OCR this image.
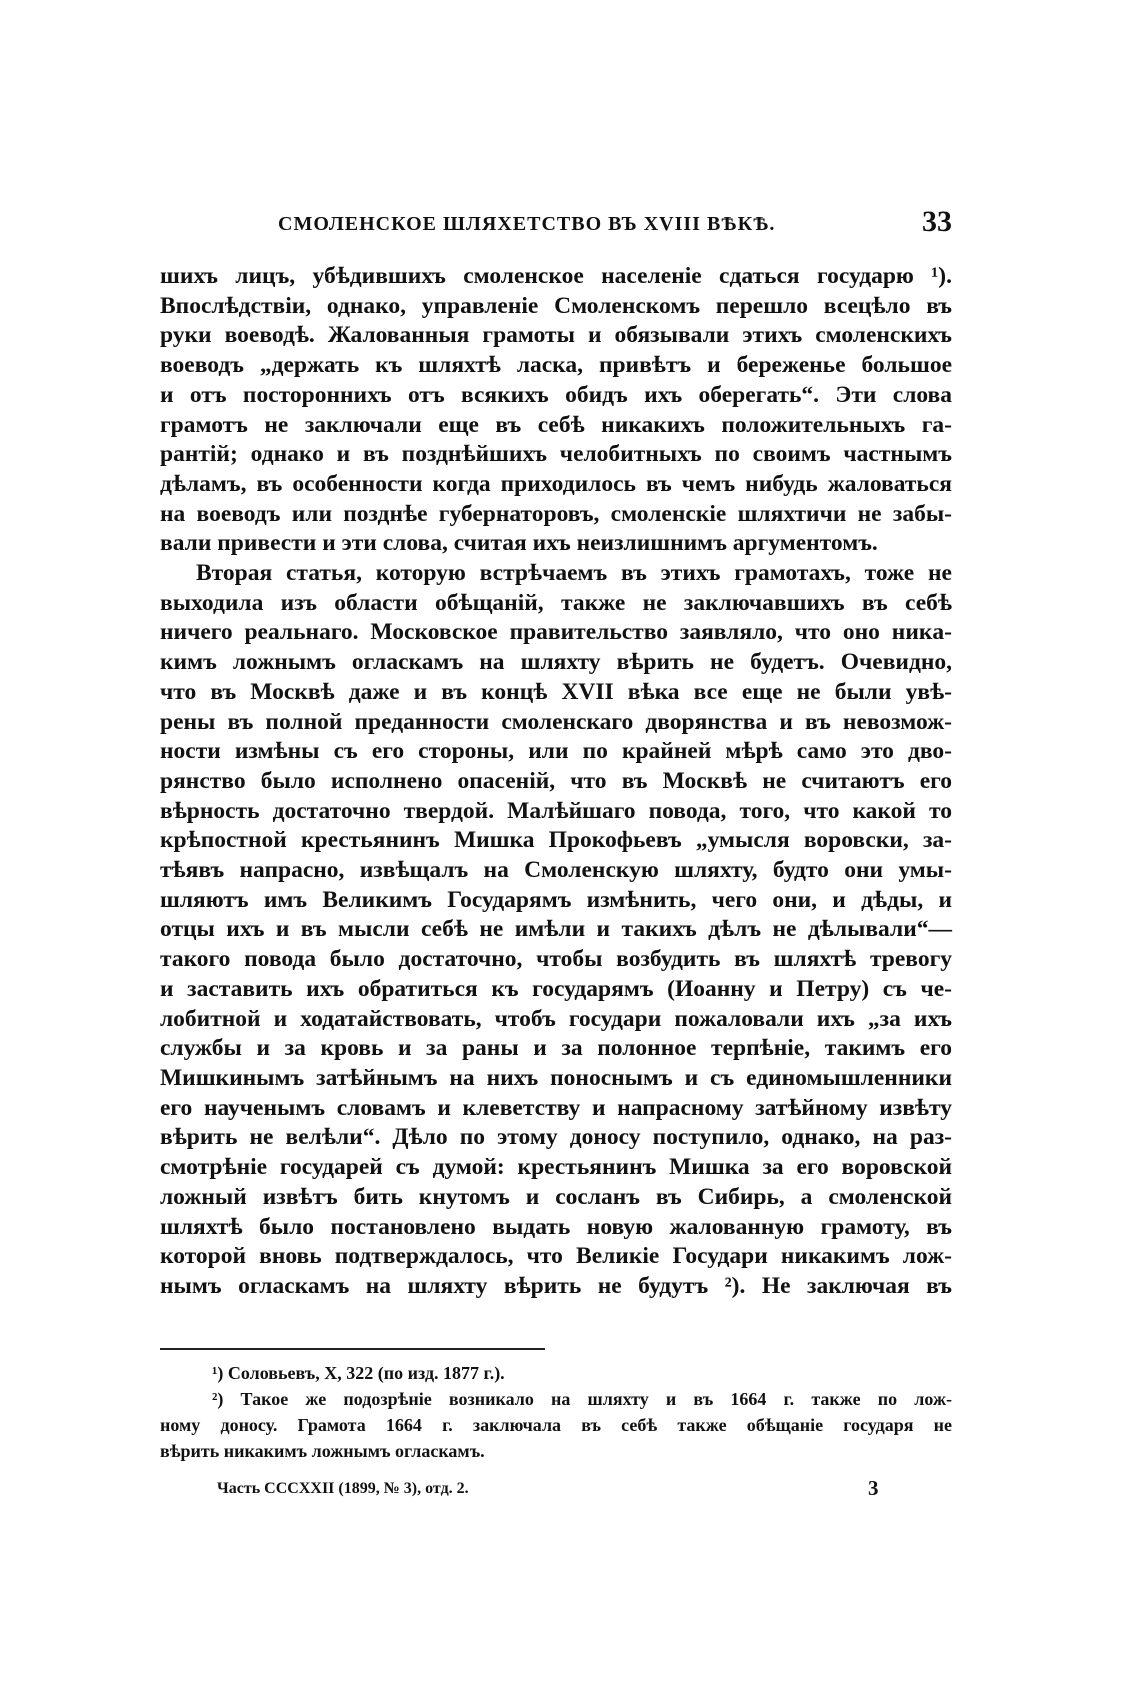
СМОЛЕНСКОЕ ШЛЯХЕТСТВО ВЪ XVIII ВѢКѢ.	33
шихъ лицъ, убѣдившихъ смоленское населенiе сдаться государю ¹).
Впослѣдствiи, однако, управленiе Смоленскомъ перешло всецѣло въ
руки воеводѣ. Жалованныя грамоты и обязывали этихъ смоленскихъ
воеводъ „держать къ шляхтѣ ласка, привѣтъ и береженье большое
и отъ постороннихъ отъ всякихъ обидъ ихъ оберегать“. Эти слова
грамотъ не заключали еще въ себѣ никакихъ положительныхъ га-
рантiй; однако и въ позднѣйшихъ челобитныхъ по своимъ частнымъ
дѣламъ, въ особенности когда приходилось въ чемъ нибудь жаловаться
на воеводъ или позднѣе губернаторовъ, смоленскiе шляхтичи не забы-
вали привести и эти слова, считая ихъ неизлишнимъ аргументомъ.
Вторая статья, которую встрѣчаемъ въ этихъ грамотахъ, тоже не
выходила изъ области обѣщанiй, также не заключавшихъ въ себѣ
ничего реальнаго. Московское правительство заявляло, что оно никa-
кимъ ложнымъ огласкамъ на шляхту вѣрить не будетъ. Очевидно,
что въ Москвѣ даже и въ концѣ XVII вѣка все еще не были увѣ-
рены въ полной преданности смоленскаго дворянства и въ невозмож-
ности измѣны съ его стороны, или по крайней мѣрѣ само это дво-
рянство было исполнено опасенiй, что въ Москвѣ не считаютъ его
вѣрность достаточно твердой. Малѣйшаго повода, того, что какой то
крѣпостной крестьянинъ Мишка Прокофьевъ „умысля воровски, за-
тѣявъ напрасно, извѣщалъ на Смоленскую шляхту, будто они умы-
шляютъ имъ Великимъ Государямъ измѣнить, чего они, и дѣды, и
отцы ихъ и въ мысли себѣ не имѣли и такихъ дѣлъ не дѣлывали“—
такого повода было достаточно, чтобы возбудить въ шляхтѣ тревогу
и заставить ихъ обратиться къ государямъ (Иоанну и Петру) съ че-
лобитной и ходатайствовать, чтобъ государи пожаловали ихъ „за ихъ
службы и за кровь и за раны и за полонное терпѣнiе, такимъ его
Мишкинымъ затѣйнымъ на нихъ поноснымъ и съ единомышленники
его наученымъ словамъ и клеветству и напрасному затѣйному извѣту
вѣрить не велѣли“. Дѣло по этому доносу поступило, однако, на раз-
смотрѣнiе государей съ думой: крестьянинъ Мишка за его воровской
ложный извѣтъ бить кнутомъ и сосланъ въ Сибирь, а смоленской
шляхтѣ было постановлено выдать новую жалованную грамоту, въ
которой вновь подтверждалось, что Великiе Государи никакимъ лож-
нымъ огласкамъ на шляхту вѣрить не будутъ ²). Не заключая въ
¹) Соловьевъ, X, 322 (по изд. 1877 г.).
²) Такое же подозрѣнiе возникало на шляхту и въ 1664 г. также по лож-
ному доносу. Грамота 1664 г. заключала въ себѣ также обѣщанiе государя не
вѣрить никакимъ ложнымъ огласкамъ.
Часть CCCXXII (1899, № 3), отд. 2.	3
